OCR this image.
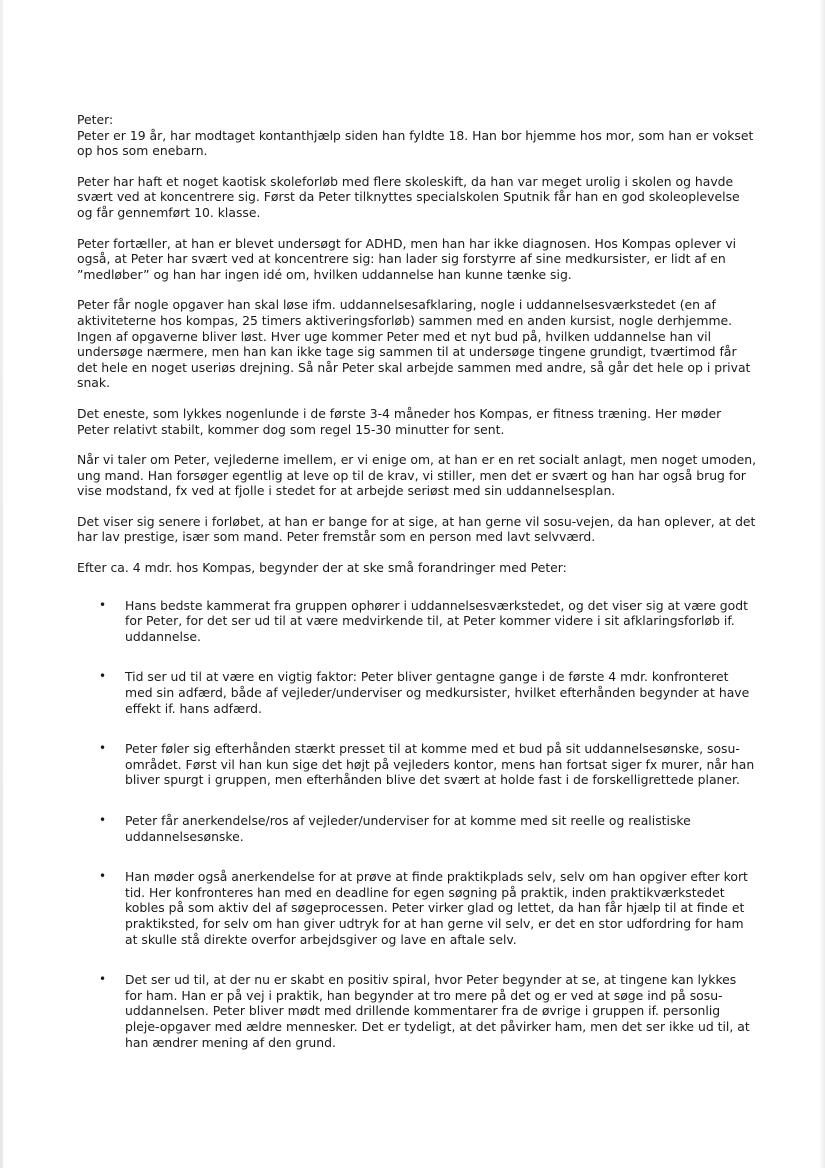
Peter:

Peter er 19 år, har modtaget kontanthjælp siden han fyldte 18. Han bor hjemme hos mor, som han er vokset op hos som enebarn.

Peter har haft et noget kaotisk skoleforløb med flere skoleskift, da han var meget urolig i skolen og havde svært ved at koncentrere sig. Først da Peter tilknyttes specialskolen Sputnik får han en god skoleoplevelse og får gennemført 10. klasse.

Peter fortæller, at han er blevet undersøgt for ADHD, men han har ikke diagnosen. Hos Kompas oplever vi også, at Peter har svært ved at koncentrere sig: han lader sig forstyrre af sine medkursister, er lidt af en ”medløber” og han har ingen idé om, hvilken uddannelse han kunne tænke sig.

Peter får nogle opgaver han skal løse ifm. uddannelsesafklaring, nogle i uddannelsesværkstedet (en af aktiviteterne hos kompas, 25 timers aktiveringsforløb) sammen med en anden kursist, nogle derhjemme. Ingen af opgaverne bliver løst. Hver uge kommer Peter med et nyt bud på, hvilken uddannelse han vil undersøge nærmere, men han kan ikke tage sig sammen til at undersøge tingene grundigt, tværtimod får det hele en noget useriøs drejning. Så når Peter skal arbejde sammen med andre, så går det hele op i privat snak.

Det eneste, som lykkes nogenlunde i de første 3-4 måneder hos Kompas, er fitness træning. Her møder Peter relativt stabilt, kommer dog som regel 15-30 minutter for sent.

Når vi taler om Peter, vejlederne imellem, er vi enige om, at han er en ret socialt anlagt, men noget umoden, ung mand. Han forsøger egentlig at leve op til de krav, vi stiller, men det er svært og han har også brug for vise modstand, fx ved at fjolle i stedet for at arbejde seriøst med sin uddannelsesplan.

Det viser sig senere i forløbet, at han er bange for at sige, at han gerne vil sosu-vejen, da han oplever, at det har lav prestige, især som mand. Peter fremstår som en person med lavt selvværd.

Efter ca. 4 mdr. hos Kompas, begynder der at ske små forandringer med Peter:

• Hans bedste kammerat fra gruppen ophører i uddannelsesværkstedet, og det viser sig at være godt for Peter, for det ser ud til at være medvirkende til, at Peter kommer videre i sit afklaringsforløb if. uddannelse.
• Tid ser ud til at være en vigtig faktor: Peter bliver gentagne gange i de første 4 mdr. konfronteret med sin adfærd, både af vejleder/underviser og medkursister, hvilket efterhånden begynder at have effekt if. hans adfærd.
• Peter føler sig efterhånden stærkt presset til at komme med et bud på sit uddannelsesønske, sosu-området. Først vil han kun sige det højt på vejleders kontor, mens han fortsat siger fx murer, når han bliver spurgt i gruppen, men efterhånden blive det svært at holde fast i de forskelligrettede planer.
• Peter får anerkendelse/ros af vejleder/underviser for at komme med sit reelle og realistiske uddannelsesønske.
• Han møder også anerkendelse for at prøve at finde praktikplads selv, selv om han opgiver efter kort tid. Her konfronteres han med en deadline for egen søgning på praktik, inden praktikværkstedet kobles på som aktiv del af søgeprocessen. Peter virker glad og lettet, da han får hjælp til at finde et praktiksted, for selv om han giver udtryk for at han gerne vil selv, er det en stor udfordring for ham at skulle stå direkte overfor arbejdsgiver og lave en aftale selv.
• Det ser ud til, at der nu er skabt en positiv spiral, hvor Peter begynder at se, at tingene kan lykkes for ham. Han er på vej i praktik, han begynder at tro mere på det og er ved at søge ind på sosu-uddannelsen. Peter bliver mødt med drillende kommentarer fra de øvrige i gruppen if. personlig pleje-opgaver med ældre mennesker. Det er tydeligt, at det påvirker ham, men det ser ikke ud til, at han ændrer mening af den grund.
